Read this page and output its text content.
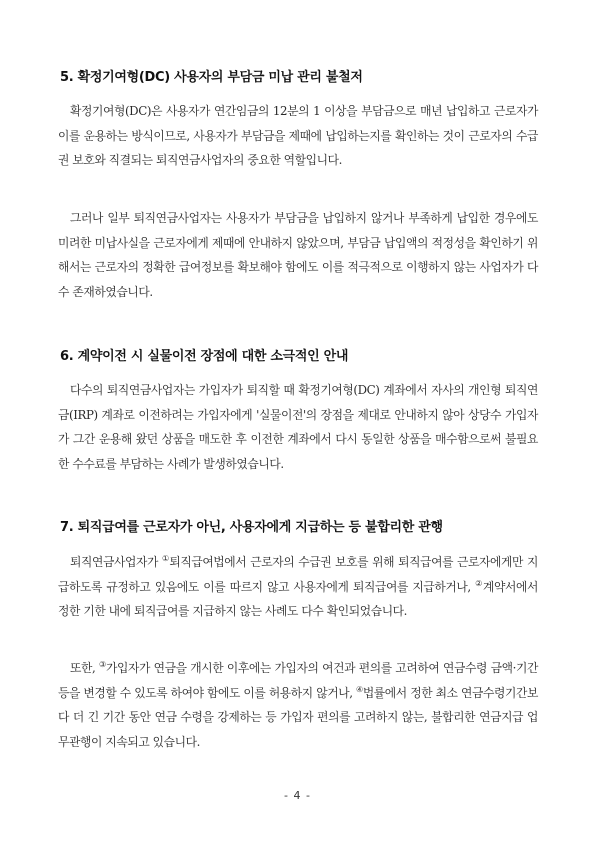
5. 확정기여형(DC) 사용자의 부담금 미납 관리 불철저

확정기여형(DC)은 사용자가 연간임금의 12분의 1 이상을 부담금으로 매년 납입하고 근로자가 이를 운용하는 방식이므로, 사용자가 부담금을 제때에 납입하는지를 확인하는 것이 근로자의 수급권 보호와 직결되는 퇴직연금사업자의 중요한 역할입니다.

그러나 일부 퇴직연금사업자는 사용자가 부담금을 납입하지 않거나 부족하게 납입한 경우에도 미려한 미납사실을 근로자에게 제때에 안내하지 않았으며, 부담금 납입액의 적정성을 확인하기 위해서는 근로자의 정확한 급여정보를 확보해야 함에도 이를 적극적으로 이행하지 않는 사업자가 다수 존재하였습니다.

6. 계약이전 시 실물이전 장점에 대한 소극적인 안내

다수의 퇴직연금사업자는 가입자가 퇴직할 때 확정기여형(DC) 계좌에서 자사의 개인형 퇴직연금(IRP) 계좌로 이전하려는 가입자에게 '실물이전'의 장점을 제대로 안내하지 않아 상당수 가입자가 그간 운용해 왔던 상품을 매도한 후 이전한 계좌에서 다시 동일한 상품을 매수함으로써 불필요한 수수료를 부담하는 사례가 발생하였습니다.

7. 퇴직급여를 근로자가 아닌, 사용자에게 지급하는 등 불합리한 관행

퇴직연금사업자가 ①퇴직급여법에서 근로자의 수급권 보호를 위해 퇴직급여를 근로자에게만 지급하도록 규정하고 있음에도 이를 따르지 않고 사용자에게 퇴직급여를 지급하거나, ②계약서에서 정한 기한 내에 퇴직급여를 지급하지 않는 사례도 다수 확인되었습니다.

또한, ③가입자가 연금을 개시한 이후에는 가입자의 여건과 편의를 고려하여 연금수령 금액·기간 등을 변경할 수 있도록 하여야 함에도 이를 허용하지 않거나, ④법률에서 정한 최소 연금수령기간보다 더 긴 기간 동안 연금 수령을 강제하는 등 가입자 편의를 고려하지 않는, 불합리한 연금지급 업무관행이 지속되고 있습니다.

- 4 -
